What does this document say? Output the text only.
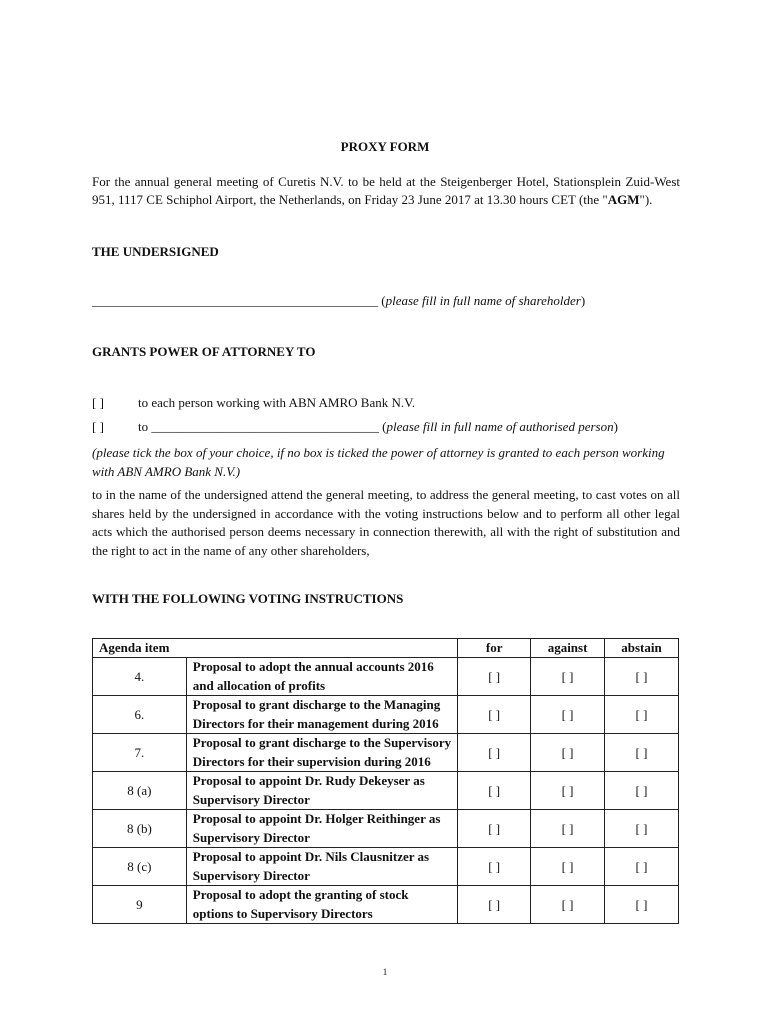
PROXY FORM
For the annual general meeting of Curetis N.V. to be held at the Steigenberger Hotel, Stationsplein Zuid-West 951, 1117 CE Schiphol Airport, the Netherlands, on Friday 23 June 2017 at 13.30 hours CET (the "AGM").
THE UNDERSIGNED
____________________________________________ (please fill in full name of shareholder)
GRANTS POWER OF ATTORNEY TO
[ ]	to each person working with ABN AMRO Bank N.V.
[ ]	to ___________________________________ (please fill in full name of authorised person)
(please tick the box of your choice, if no box is ticked the power of attorney is granted to each person working with ABN AMRO Bank N.V.)
to in the name of the undersigned attend the general meeting, to address the general meeting, to cast votes on all shares held by the undersigned in accordance with the voting instructions below and to perform all other legal acts which the authorised person deems necessary in connection therewith, all with the right of substitution and the right to act in the name of any other shareholders,
WITH THE FOLLOWING VOTING INSTRUCTIONS
Agenda item		for	against	abstain
4.	Proposal to adopt the annual accounts 2016 and allocation of profits	[ ]	[ ]	[ ]
6.	Proposal to grant discharge to the Managing Directors for their management during 2016	[ ]	[ ]	[ ]
7.	Proposal to grant discharge to the Supervisory Directors for their supervision during 2016	[ ]	[ ]	[ ]
8 (a)	Proposal to appoint Dr. Rudy Dekeyser as Supervisory Director	[ ]	[ ]	[ ]
8 (b)	Proposal to appoint Dr. Holger Reithinger as Supervisory Director	[ ]	[ ]	[ ]
8 (c)	Proposal to appoint Dr. Nils Clausnitzer as Supervisory Director	[ ]	[ ]	[ ]
9	Proposal to adopt the granting of stock options to Supervisory Directors	[ ]	[ ]	[ ]
1
